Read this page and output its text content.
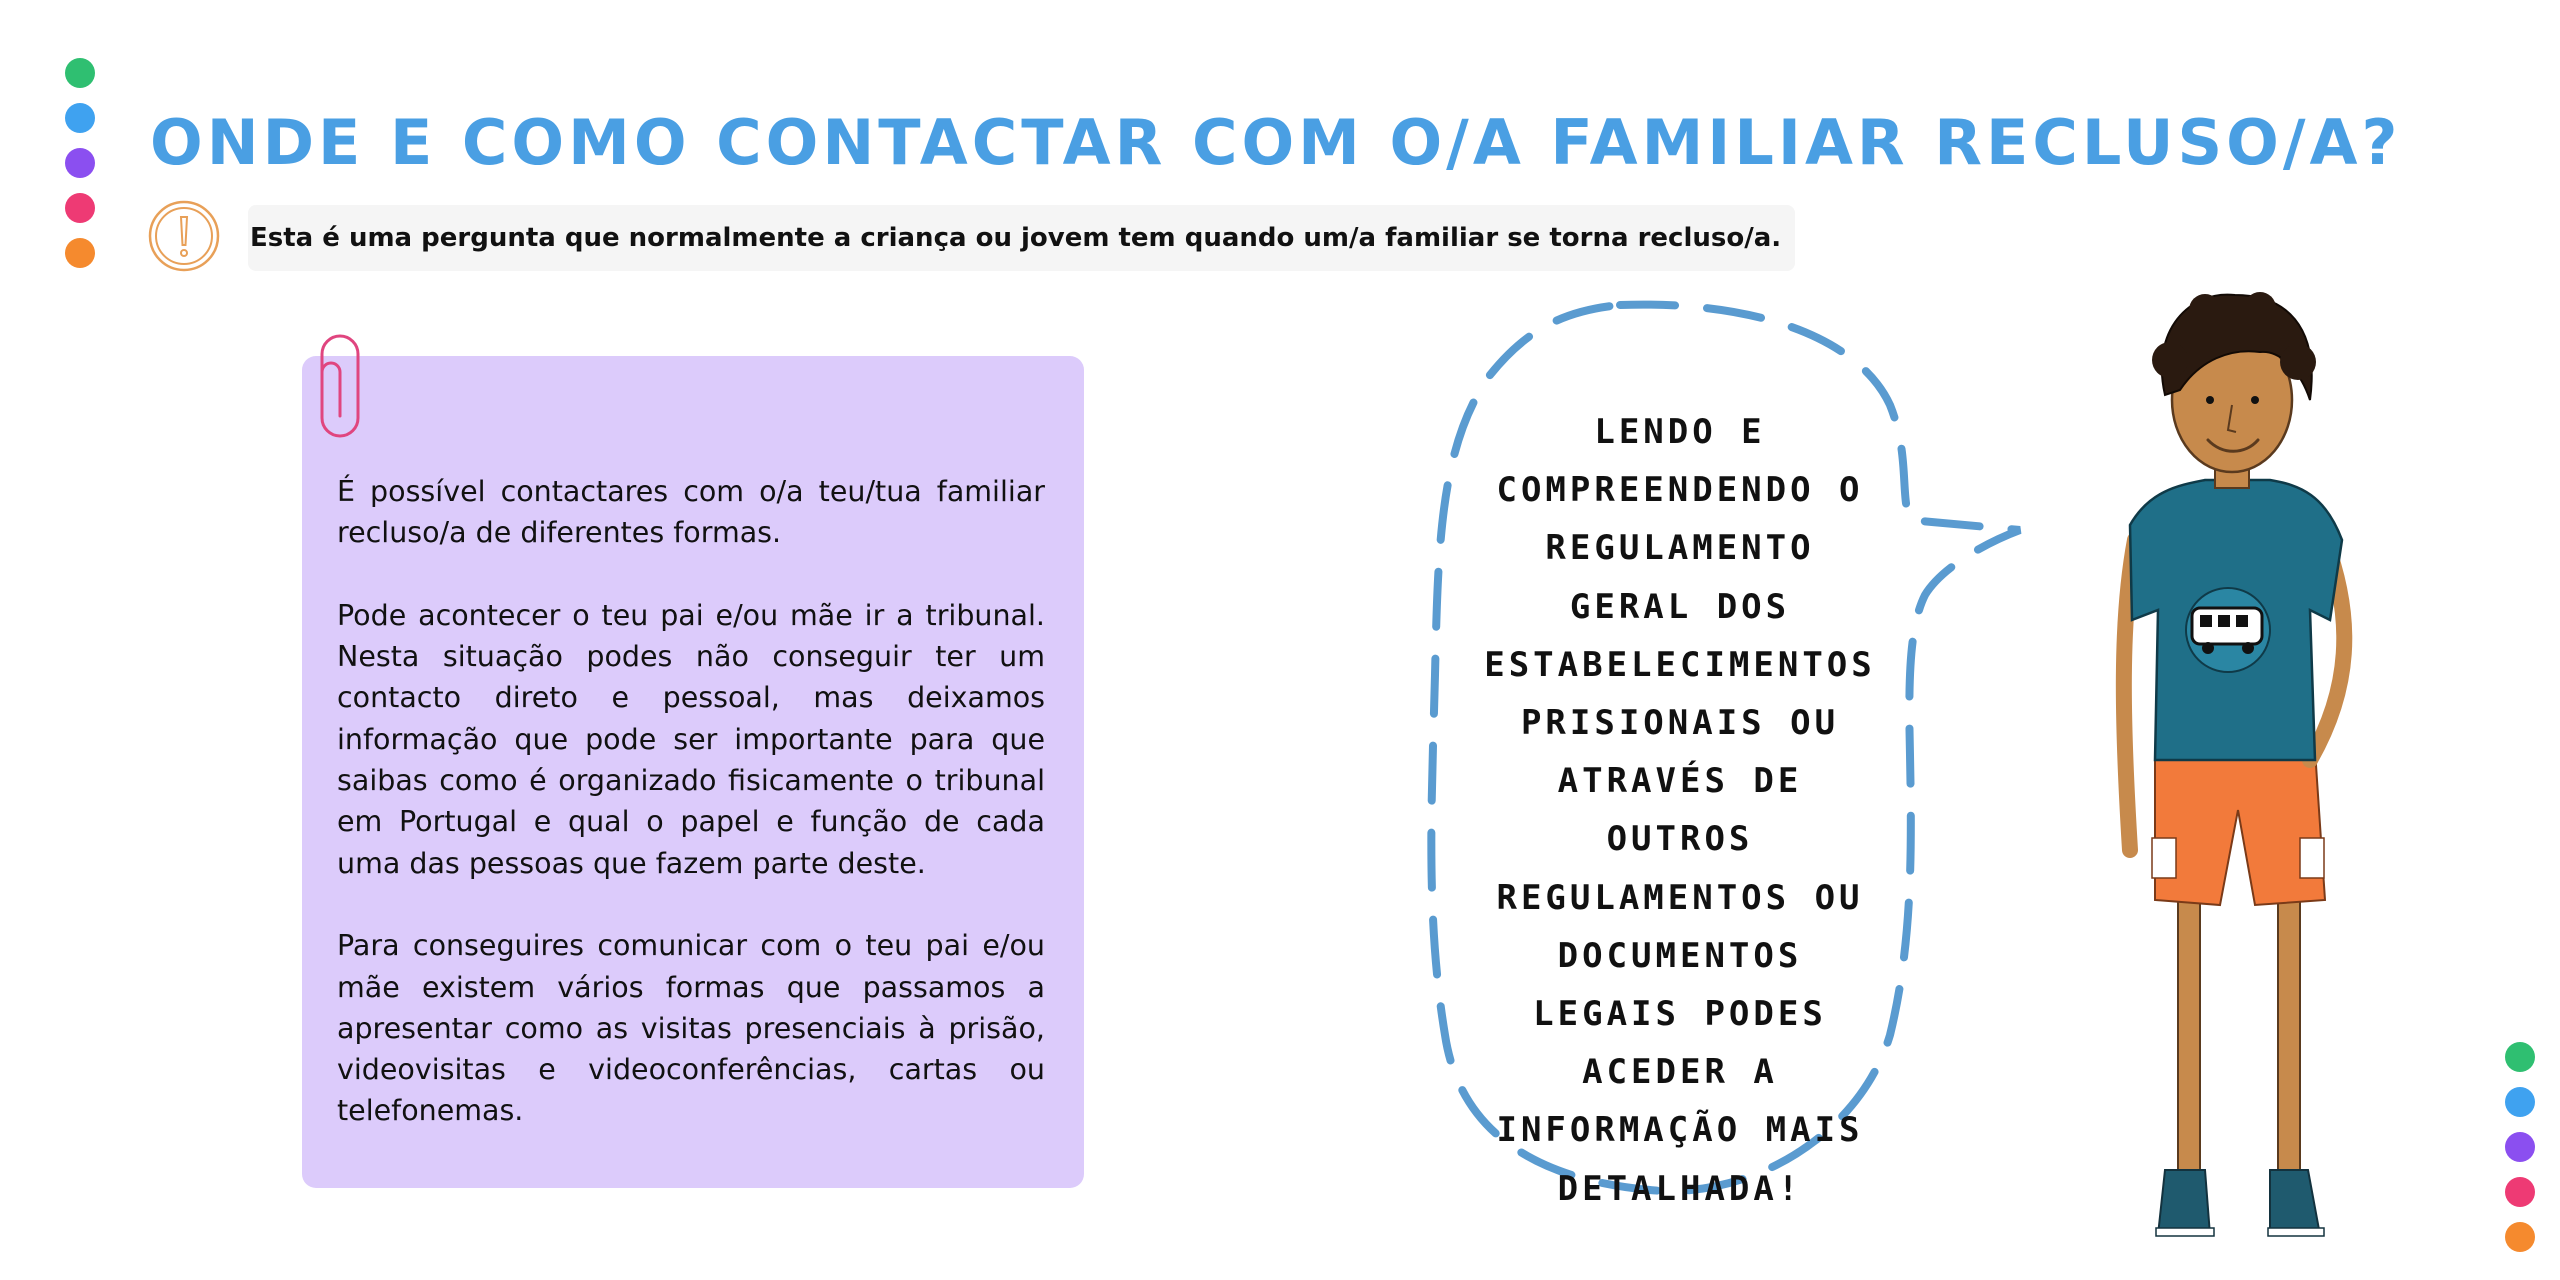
ONDE E COMO CONTACTAR COM O/A FAMILIAR RECLUSO/A?
Esta é uma pergunta que normalmente a criança ou jovem tem quando um/a familiar se torna recluso/a.

É possível contactares com o/a teu/tua familiar recluso/a de diferentes formas.

Pode acontecer o teu pai e/ou mãe ir a tribunal. Nesta situação podes não conseguir ter um contacto direto e pessoal, mas deixamos informação que pode ser importante para que saibas como é organizado fisicamente o tribunal em Portugal e qual o papel e função de cada uma das pessoas que fazem parte deste.

Para conseguires comunicar com o teu pai e/ou mãe existem vários formas que passamos a apresentar como as visitas presenciais à prisão, videovisitas e videoconferências, cartas ou telefonemas.

LENDO E COMPREENDENDO O REGULAMENTO GERAL DOS ESTABELECIMENTOS PRISIONAIS OU ATRAVÉS DE OUTROS REGULAMENTOS OU DOCUMENTOS LEGAIS PODES ACEDER A INFORMAÇÃO MAIS DETALHADA!
